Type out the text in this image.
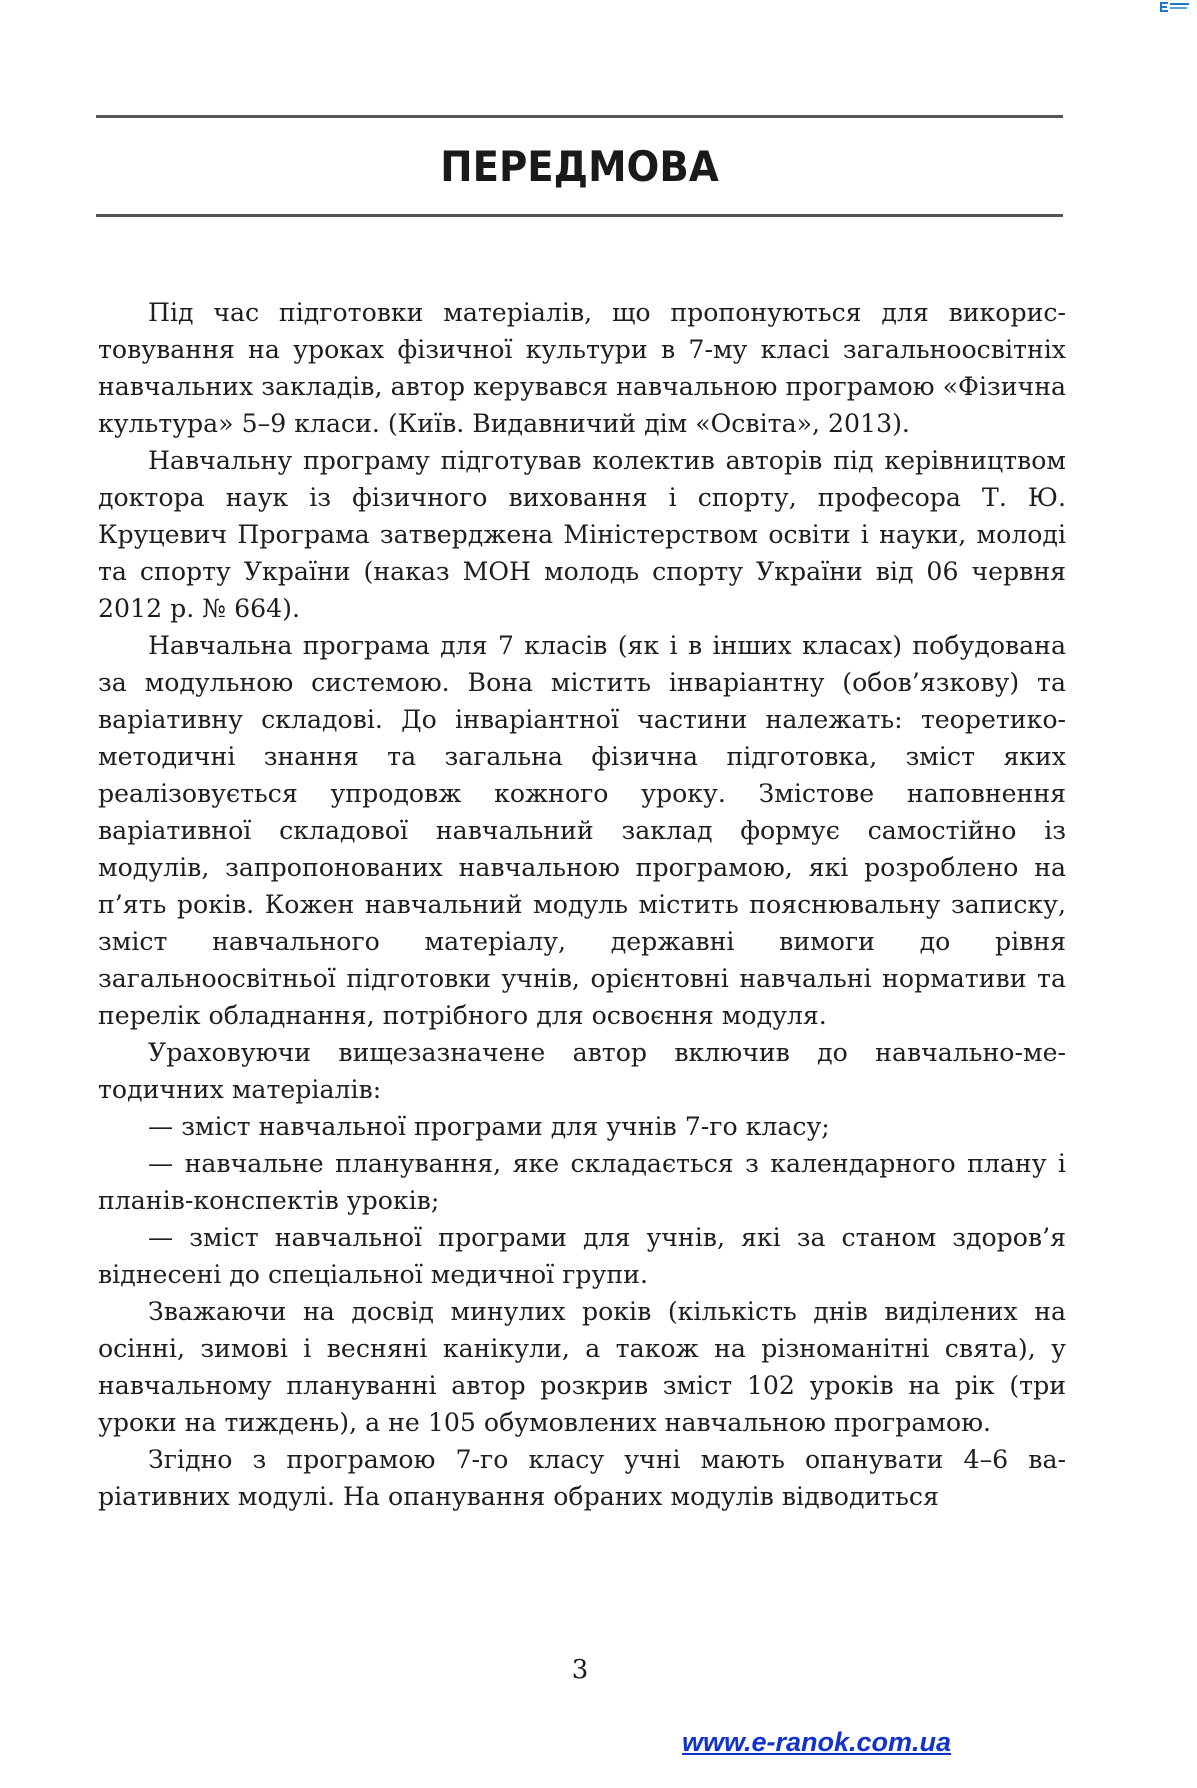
ПЕРЕДМОВА

Під час підготовки матеріалів, що пропонуються для використовування на уроках фізичної культури в 7-му класі загальноосвітніх навчальних закладів, автор керувався навчальною програмою «Фізична культура» 5–9 класи. (Київ. Видавничий дім «Освіта», 2013).

Навчальну програму підготував колектив авторів під керівництвом доктора наук із фізичного виховання і спорту, професора Т. Ю. Круцевич Програма затверджена Міністерством освіти і науки, молоді та спорту України (наказ МОН молодь спорту України від 06 червня 2012 р. № 664).

Навчальна програма для 7 класів (як і в інших класах) побудована за модульною системою. Вона містить інваріантну (обов’язкову) та варіативну складові. До інваріантної частини належать: теоретико-методичні знання та загальна фізична підготовка, зміст яких реалізовується упродовж кожного уроку. Змістове наповнення варіативної складової навчальний заклад формує самостійно із модулів, запропонованих навчальною програмою, які розроблено на п’ять років. Кожен навчальний модуль містить пояснювальну записку, зміст навчального матеріалу, державні вимоги до рівня загальноосвітньої підготовки учнів, орієнтовні навчальні нормативи та перелік обладнання, потрібного для освоєння модуля.

Ураховуючи вищезазначене автор включив до навчально-методичних матеріалів:

— зміст навчальної програми для учнів 7-го класу;

— навчальне планування, яке складається з календарного плану і планів-конспектів уроків;

— зміст навчальної програми для учнів, які за станом здоров’я віднесені до спеціальної медичної групи.

Зважаючи на досвід минулих років (кількість днів виділених на осінні, зимові і весняні канікули, а також на різноманітні свята), у навчальному плануванні автор розкрив зміст 102 уроків на рік (три уроки на тиждень), а не 105 обумовлених навчальною програмою.

Згідно з програмою 7-го класу учні мають опанувати 4–6 варіативних модулі. На опанування обраних модулів відводиться

3
www.e-ranok.com.ua
